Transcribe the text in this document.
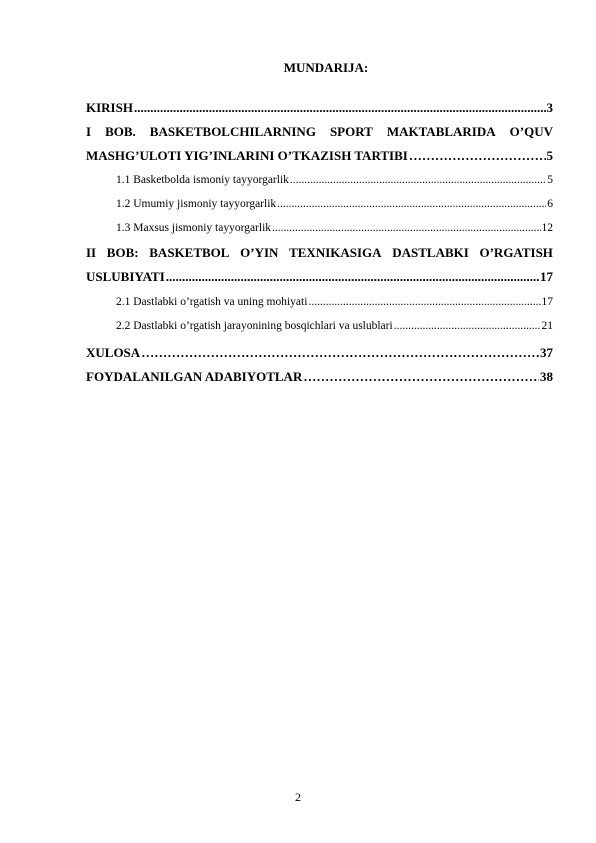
MUNDARIJA:
KIRISH .....	3
I BOB. BASKETBOLCHILARNING SPORT MAKTABLARIDA O’QUV
MASHG’ULOTI YIG’INLARINI O’TKAZISH TARTIBI ……………………………………………………………………………………………………………………………………………	5
1.1 Basketbolda ismoniy tayyorgarlik .....	5
1.2 Umumiy jismoniy tayyorgarlik .....	6
1.3 Maxsus jismoniy tayyorgarlik .....	12
II BOB: BASKETBOL O’YIN TEXNIKASIGA DASTLABKI O’RGATISH
USLUBIYATI .....	17
2.1 Dastlabki o’rgatish va uning mohiyati .....	17
2.2 Dastlabki o’rgatish jarayonining bosqichlari va uslublari .....	21
XULOSA ……………………………………………………………………………………………………………………………………………	37
FOYDALANILGAN ADABIYOTLAR ……………………………………………………………………………………………………………………………………………	38
2
